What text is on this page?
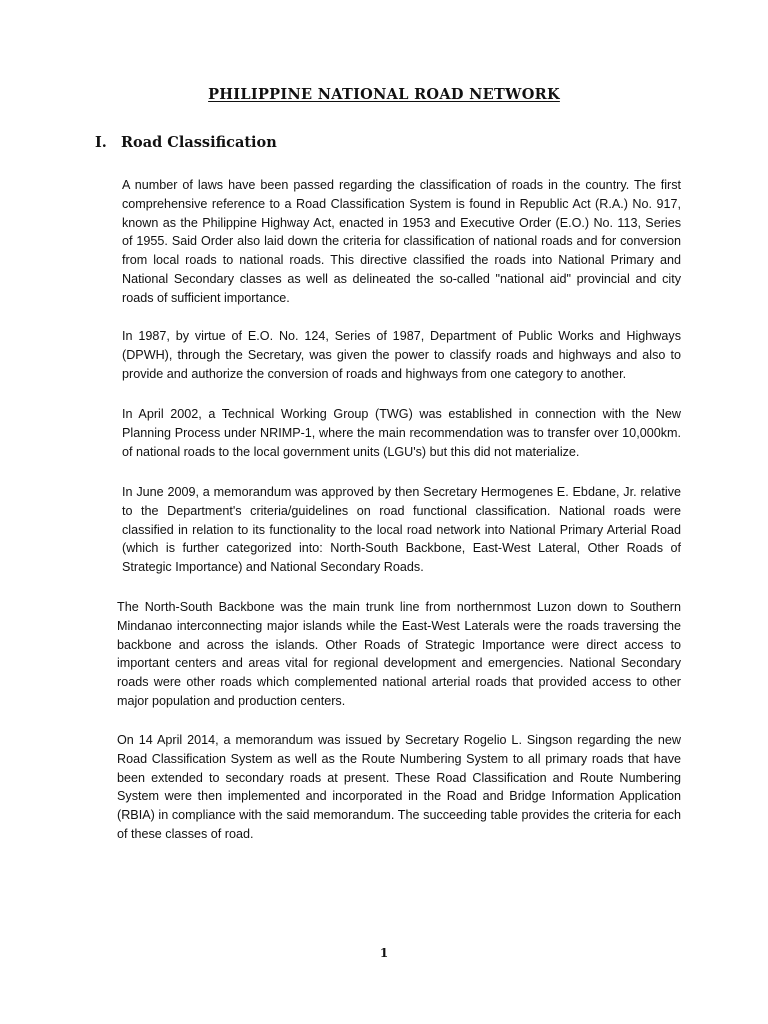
PHILIPPINE NATIONAL ROAD NETWORK
I. Road Classification

A number of laws have been passed regarding the classification of roads in the country. The first comprehensive reference to a Road Classification System is found in Republic Act (R.A.) No. 917, known as the Philippine Highway Act, enacted in 1953 and Executive Order (E.O.) No. 113, Series of 1955. Said Order also laid down the criteria for classification of national roads and for conversion from local roads to national roads. This directive classified the roads into National Primary and National Secondary classes as well as delineated the so-called "national aid" provincial and city roads of sufficient importance.

In 1987, by virtue of E.O. No. 124, Series of 1987, Department of Public Works and Highways (DPWH), through the Secretary, was given the power to classify roads and highways and also to provide and authorize the conversion of roads and highways from one category to another.

In April 2002, a Technical Working Group (TWG) was established in connection with the New Planning Process under NRIMP-1, where the main recommendation was to transfer over 10,000km. of national roads to the local government units (LGU's) but this did not materialize.

In June 2009, a memorandum was approved by then Secretary Hermogenes E. Ebdane, Jr. relative to the Department's criteria/guidelines on road functional classification. National roads were classified in relation to its functionality to the local road network into National Primary Arterial Road (which is further categorized into: North-South Backbone, East-West Lateral, Other Roads of Strategic Importance) and National Secondary Roads.

The North-South Backbone was the main trunk line from northernmost Luzon down to Southern Mindanao interconnecting major islands while the East-West Laterals were the roads traversing the backbone and across the islands. Other Roads of Strategic Importance were direct access to important centers and areas vital for regional development and emergencies. National Secondary roads were other roads which complemented national arterial roads that provided access to other major population and production centers.

On 14 April 2014, a memorandum was issued by Secretary Rogelio L. Singson regarding the new Road Classification System as well as the Route Numbering System to all primary roads that have been extended to secondary roads at present. These Road Classification and Route Numbering System were then implemented and incorporated in the Road and Bridge Information Application (RBIA) in compliance with the said memorandum. The succeeding table provides the criteria for each of these classes of road.

1
